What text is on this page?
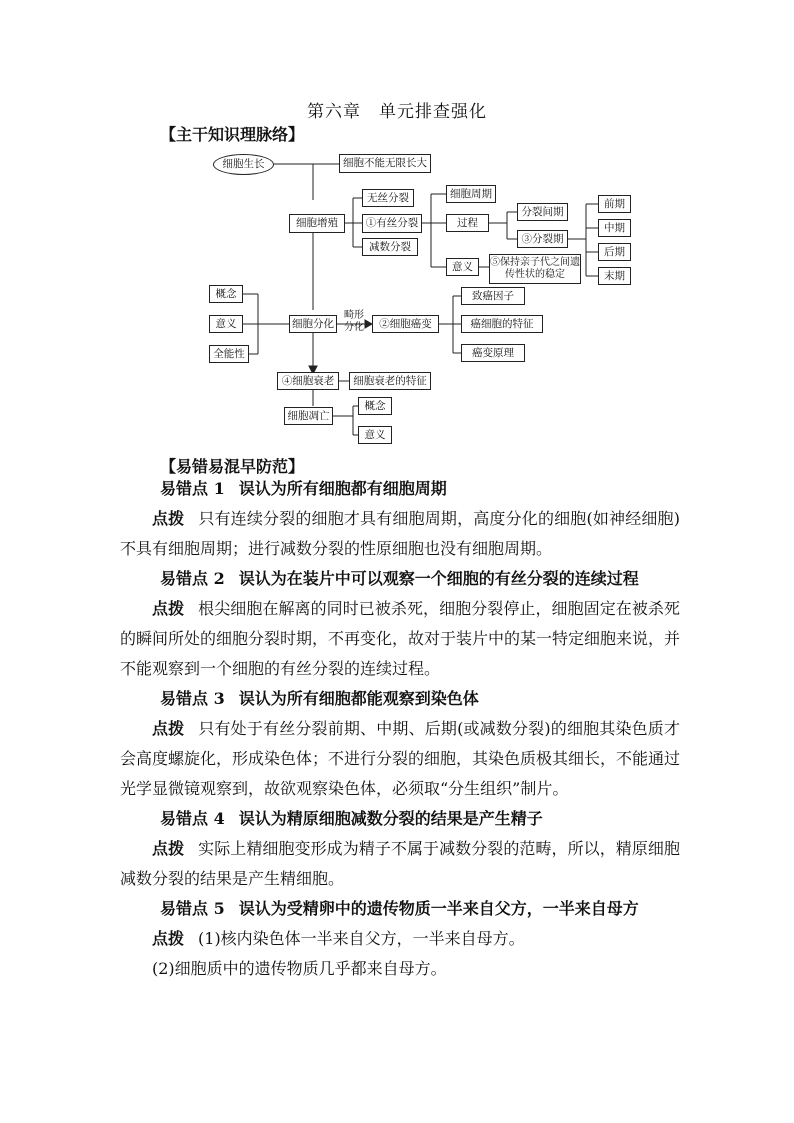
第六章　单元排查强化
【主干知识理脉络】
细胞生长	细胞不能无限长大
细胞增殖
无丝分裂
①有丝分裂
减数分裂
细胞周期
过程
分裂间期
③分裂期
意义	⑤保持亲子代之间遗传性状的稳定
前期
中期
后期
末期
概念
意义
全能性
细胞分化
畸形分化	②细胞癌变
致癌因子
癌细胞的特征
癌变原理
④细胞衰老	细胞衰老的特征
细胞凋亡
概念
意义
【易错易混早防范】
易错点 1 误认为所有细胞都有细胞周期
点拨 只有连续分裂的细胞才具有细胞周期，高度分化的细胞(如神经细胞)不具有细胞周期；进行减数分裂的性原细胞也没有细胞周期。
易错点 2 误认为在装片中可以观察一个细胞的有丝分裂的连续过程
点拨 根尖细胞在解离的同时已被杀死，细胞分裂停止，细胞固定在被杀死的瞬间所处的细胞分裂时期，不再变化，故对于装片中的某一特定细胞来说，并不能观察到一个细胞的有丝分裂的连续过程。
易错点 3 误认为所有细胞都能观察到染色体
点拨 只有处于有丝分裂前期、中期、后期(或减数分裂)的细胞其染色质才会高度螺旋化，形成染色体；不进行分裂的细胞，其染色质极其细长，不能通过光学显微镜观察到，故欲观察染色体，必须取“分生组织”制片。
易错点 4 误认为精原细胞减数分裂的结果是产生精子
点拨 实际上精细胞变形成为精子不属于减数分裂的范畴，所以，精原细胞减数分裂的结果是产生精细胞。
易错点 5 误认为受精卵中的遗传物质一半来自父方，一半来自母方
点拨 (1)核内染色体一半来自父方，一半来自母方。
(2)细胞质中的遗传物质几乎都来自母方。
